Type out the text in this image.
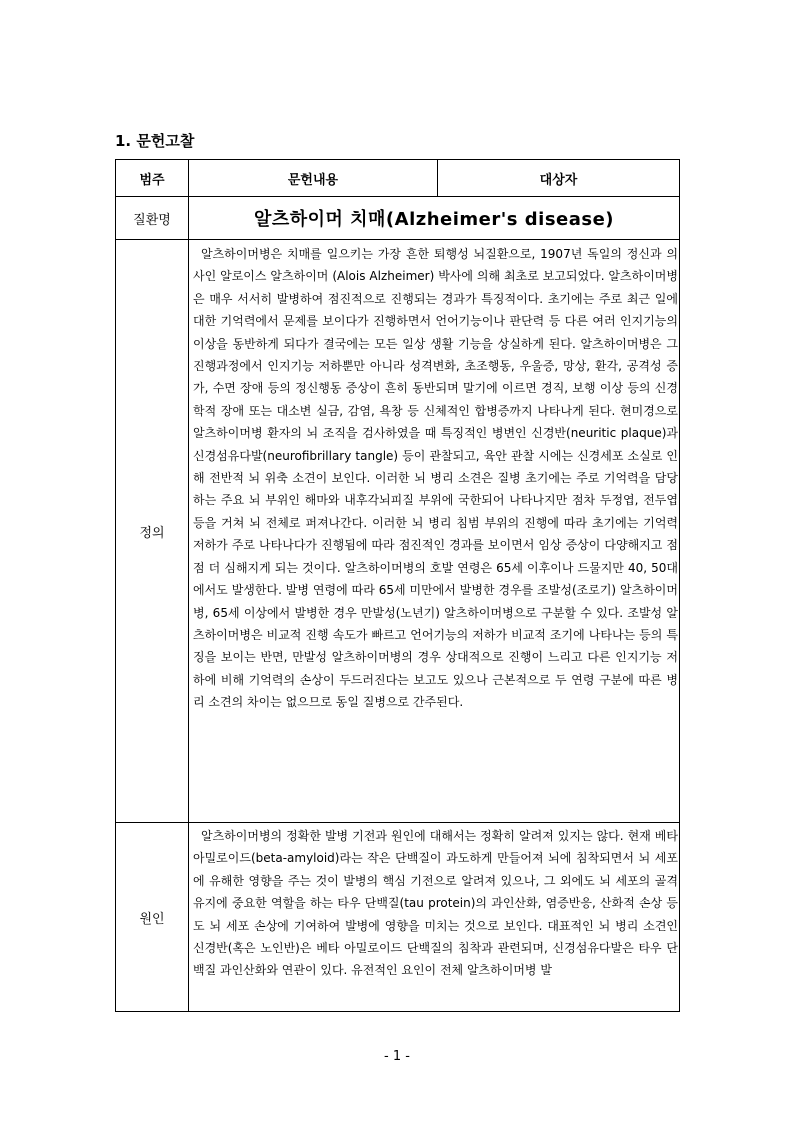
1. 문헌고찰
범주	문헌내용	대상자
질환명	알츠하이머 치매(Alzheimer's disease)	
정의	알츠하이머병은 치매를 일으키는 가장 흔한 퇴행성 뇌질환으로, 1907년 독일의 정신과 의사인 알로이스 알츠하이머 (Alois Alzheimer) 박사에 의해 최초로 보고되었다. 알츠하이머병은 매우 서서히 발병하여 점진적으로 진행되는 경과가 특징적이다. 초기에는 주로 최근 일에 대한 기억력에서 문제를 보이다가 진행하면서 언어기능이나 판단력 등 다른 여러 인지기능의 이상을 동반하게 되다가 결국에는 모든 일상 생활 기능을 상실하게 된다. 알츠하이머병은 그 진행과정에서 인지기능 저하뿐만 아니라 성격변화, 초조행동, 우울증, 망상, 환각, 공격성 증가, 수면 장애 등의 정신행동 증상이 흔히 동반되며 말기에 이르면 경직, 보행 이상 등의 신경학적 장애 또는 대소변 실금, 감염, 욕창 등 신체적인 합병증까지 나타나게 된다. 현미경으로 알츠하이머병 환자의 뇌 조직을 검사하였을 때 특징적인 병변인 신경반(neuritic plaque)과 신경섬유다발(neurofibrillary tangle) 등이 관찰되고, 육안 관찰 시에는 신경세포 소실로 인해 전반적 뇌 위축 소견이 보인다. 이러한 뇌 병리 소견은 질병 초기에는 주로 기억력을 담당하는 주요 뇌 부위인 해마와 내후각뇌피질 부위에 국한되어 나타나지만 점차 두정엽, 전두엽 등을 거쳐 뇌 전체로 퍼져나간다. 이러한 뇌 병리 침범 부위의 진행에 따라 초기에는 기억력 저하가 주로 나타나다가 진행됨에 따라 점진적인 경과를 보이면서 임상 증상이 다양해지고 점점 더 심해지게 되는 것이다. 알츠하이머병의 호발 연령은 65세 이후이나 드물지만 40, 50대에서도 발생한다. 발병 연령에 따라 65세 미만에서 발병한 경우를 조발성(조로기) 알츠하이머병, 65세 이상에서 발병한 경우 만발성(노년기) 알츠하이머병으로 구분할 수 있다. 조발성 알츠하이머병은 비교적 진행 속도가 빠르고 언어기능의 저하가 비교적 조기에 나타나는 등의 특징을 보이는 반면, 만발성 알츠하이머병의 경우 상대적으로 진행이 느리고 다른 인지기능 저하에 비해 기억력의 손상이 두드러진다는 보고도 있으나 근본적으로 두 연령 구분에 따른 병리 소견의 차이는 없으므로 동일 질병으로 간주된다.	
원인	알츠하이머병의 정확한 발병 기전과 원인에 대해서는 정확히 알려져 있지는 않다. 현재 베타 아밀로이드(beta-amyloid)라는 작은 단백질이 과도하게 만들어져 뇌에 침착되면서 뇌 세포에 유해한 영향을 주는 것이 발병의 핵심 기전으로 알려져 있으나, 그 외에도 뇌 세포의 골격 유지에 중요한 역할을 하는 타우 단백질(tau protein)의 과인산화, 염증반응, 산화적 손상 등도 뇌 세포 손상에 기여하여 발병에 영향을 미치는 것으로 보인다. 대표적인 뇌 병리 소견인 신경반(혹은 노인반)은 베타 아밀로이드 단백질의 침착과 관련되며, 신경섬유다발은 타우 단백질 과인산화와 연관이 있다. 유전적인 요인이 전체 알츠하이머병 발	
- 1 -
